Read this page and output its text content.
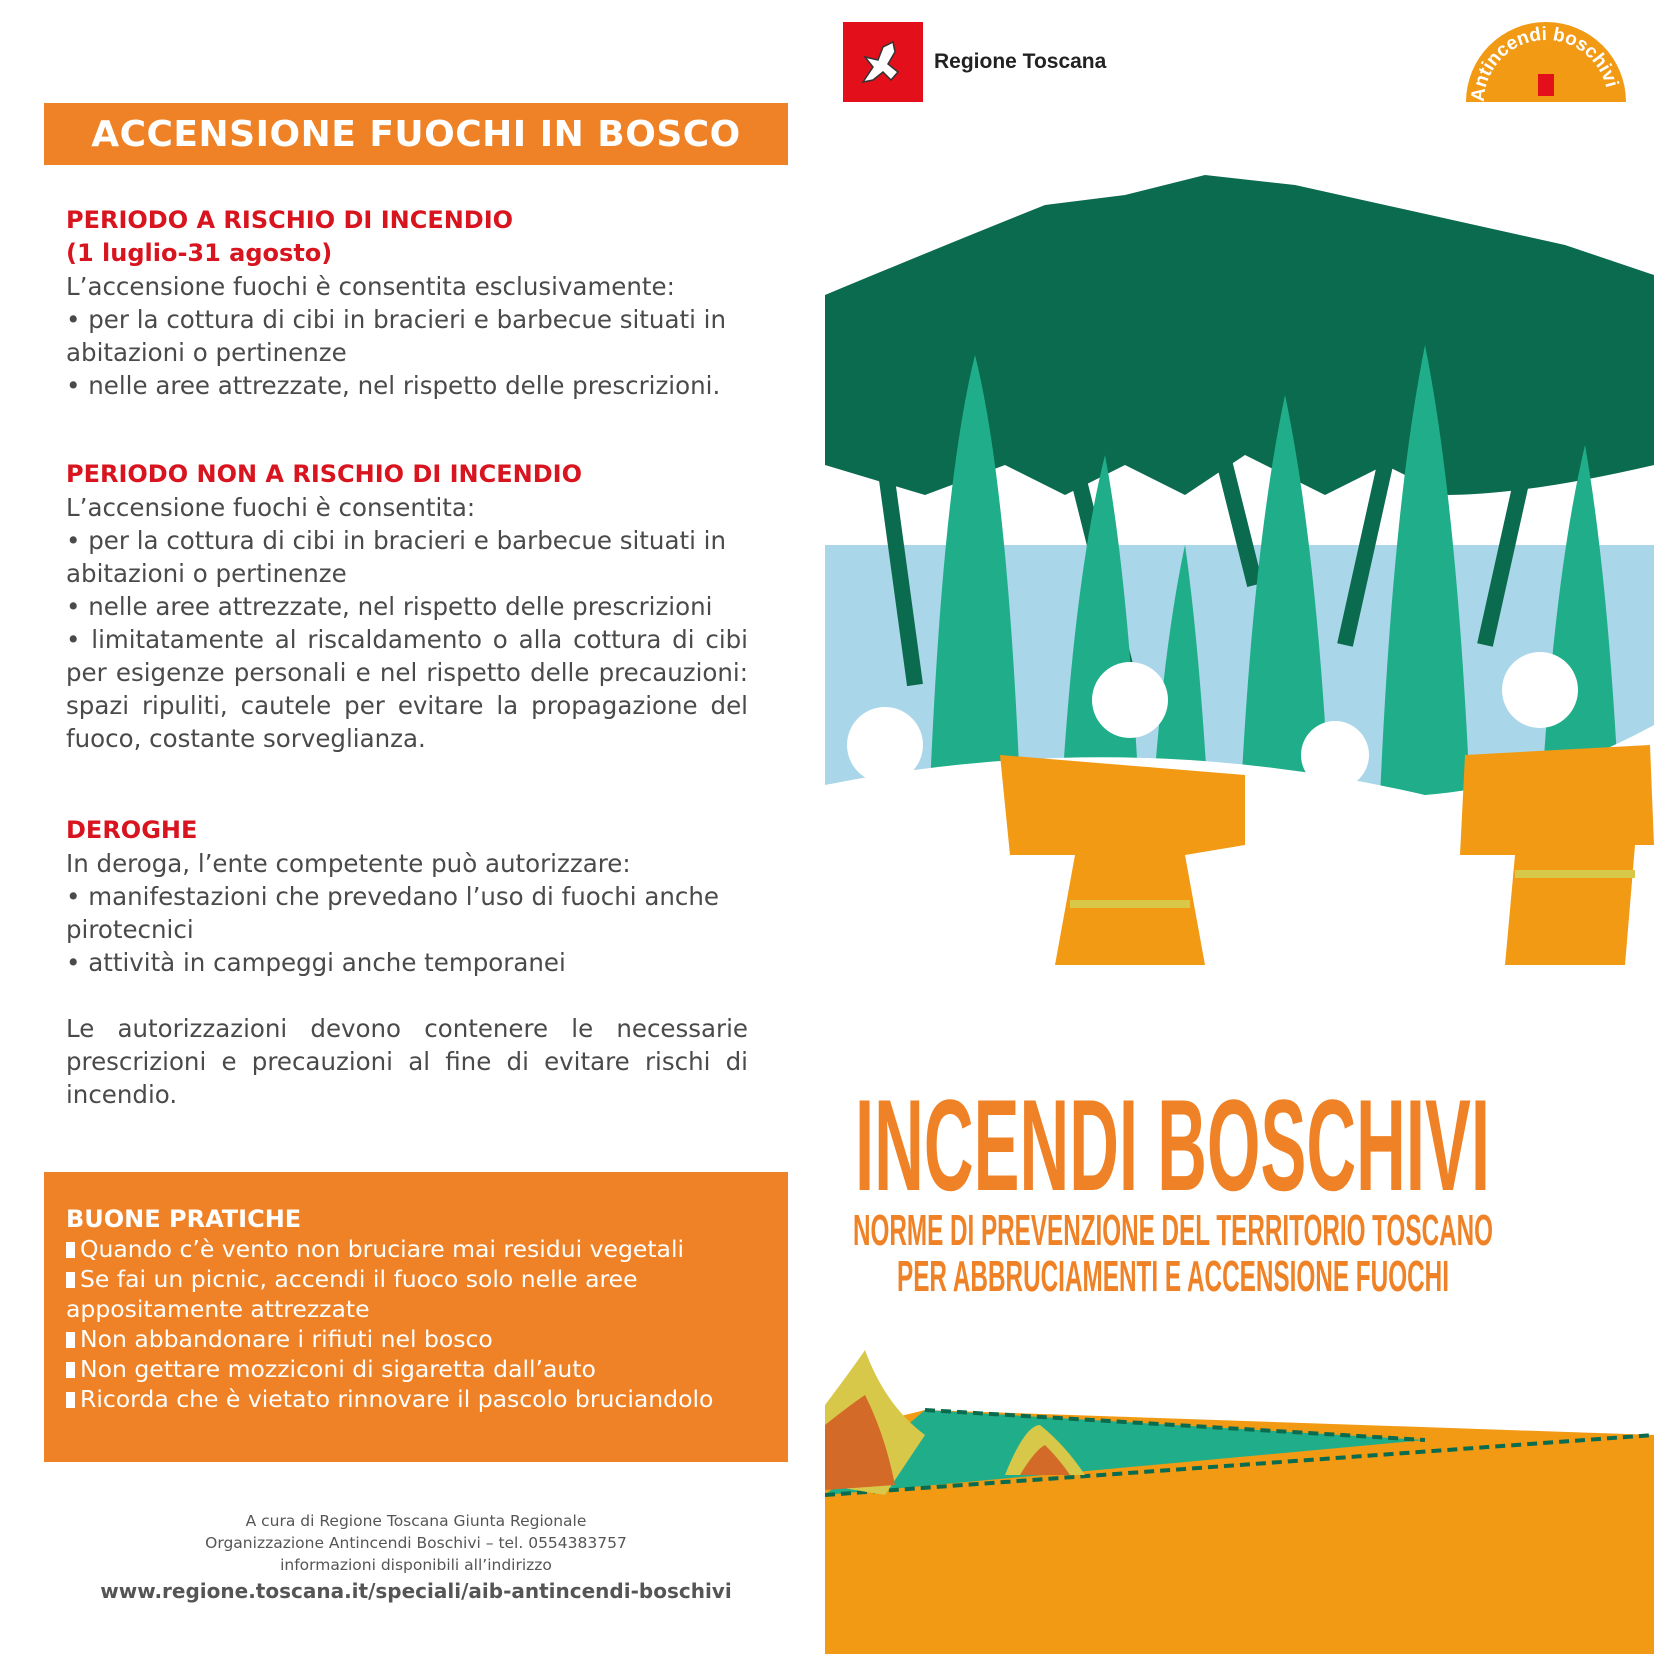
Regione Toscana
Antincendi boschivi
ACCENSIONE FUOCHI IN BOSCO
PERIODO A RISCHIO DI INCENDIO
(1 luglio-31 agosto)
L’accensione fuochi è consentita esclusivamente:
• per la cottura di cibi in bracieri e barbecue situati in abitazioni o pertinenze
• nelle aree attrezzate, nel rispetto delle prescrizioni.
PERIODO NON A RISCHIO DI INCENDIO
L’accensione fuochi è consentita:
• per la cottura di cibi in bracieri e barbecue situati in abitazioni o pertinenze
• nelle aree attrezzate, nel rispetto delle prescrizioni
• limitatamente al riscaldamento o alla cottura di cibi per esigenze personali e nel rispetto delle precauzioni: spazi ripuliti, cautele per evitare la propagazione del fuoco, costante sorveglianza.
DEROGHE
In deroga, l’ente competente può autorizzare:
• manifestazioni che prevedano l’uso di fuochi anche pirotecnici
• attività in campeggi anche temporanei
Le autorizzazioni devono contenere le necessarie prescrizioni e precauzioni al fine di evitare rischi di incendio.
BUONE PRATICHE
Quando c’è vento non bruciare mai residui vegetali
Se fai un picnic, accendi il fuoco solo nelle aree appositamente attrezzate
Non abbandonare i rifiuti nel bosco
Non gettare mozziconi di sigaretta dall’auto
Ricorda che è vietato rinnovare il pascolo bruciandolo
A cura di Regione Toscana Giunta Regionale
Organizzazione Antincendi Boschivi – tel. 0554383757
informazioni disponibili all’indirizzo
www.regione.toscana.it/speciali/aib-antincendi-boschivi
INCENDI BOSCHIVI
NORME DI PREVENZIONE DEL TERRITORIO TOSCANO
PER ABBRUCIAMENTI E ACCENSIONE FUOCHI
